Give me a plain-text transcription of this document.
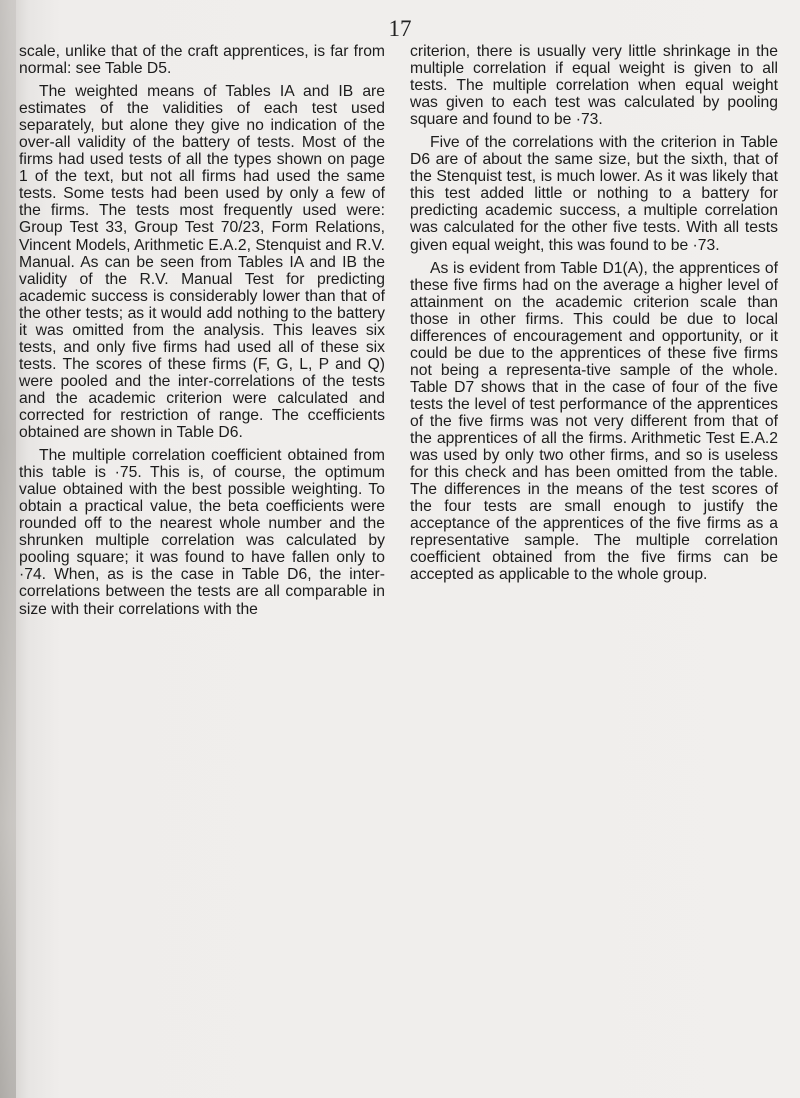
17

scale, unlike that of the craft apprentices, is far from normal: see Table D5.

The weighted means of Tables IA and IB are estimates of the validities of each test used separately, but alone they give no indication of the over-all validity of the battery of tests. Most of the firms had used tests of all the types shown on page 1 of the text, but not all firms had used the same tests. Some tests had been used by only a few of the firms. The tests most frequently used were: Group Test 33, Group Test 70/23, Form Relations, Vincent Models, Arithmetic E.A.2, Stenquist and R.V. Manual. As can be seen from Tables IA and IB the validity of the R.V. Manual Test for predicting academic success is considerably lower than that of the other tests; as it would add nothing to the battery it was omitted from the analysis. This leaves six tests, and only five firms had used all of these six tests. The scores of these firms (F, G, L, P and Q) were pooled and the inter-correlations of the tests and the academic criterion were calculated and corrected for restriction of range. The ccefficients obtained are shown in Table D6.

The multiple correlation coefficient obtained from this table is ·75. This is, of course, the optimum value obtained with the best possible weighting. To obtain a practical value, the beta coefficients were rounded off to the nearest whole number and the shrunken multiple correlation was calculated by pooling square; it was found to have fallen only to ·74. When, as is the case in Table D6, the inter-correlations between the tests are all comparable in size with their correlations with the

criterion, there is usually very little shrinkage in the multiple correlation if equal weight is given to all tests. The multiple correlation when equal weight was given to each test was calculated by pooling square and found to be ·73.

Five of the correlations with the criterion in Table D6 are of about the same size, but the sixth, that of the Stenquist test, is much lower. As it was likely that this test added little or nothing to a battery for predicting academic success, a multiple correlation was calculated for the other five tests. With all tests given equal weight, this was found to be ·73.

As is evident from Table D1(A), the apprentices of these five firms had on the average a higher level of attainment on the academic criterion scale than those in other firms. This could be due to local differences of encouragement and opportunity, or it could be due to the apprentices of these five firms not being a representa-tive sample of the whole. Table D7 shows that in the case of four of the five tests the level of test performance of the apprentices of the five firms was not very different from that of the apprentices of all the firms. Arithmetic Test E.A.2 was used by only two other firms, and so is useless for this check and has been omitted from the table. The differences in the means of the test scores of the four tests are small enough to justify the acceptance of the apprentices of the five firms as a representative sample. The multiple correlation coefficient obtained from the five firms can be accepted as applicable to the whole group.
